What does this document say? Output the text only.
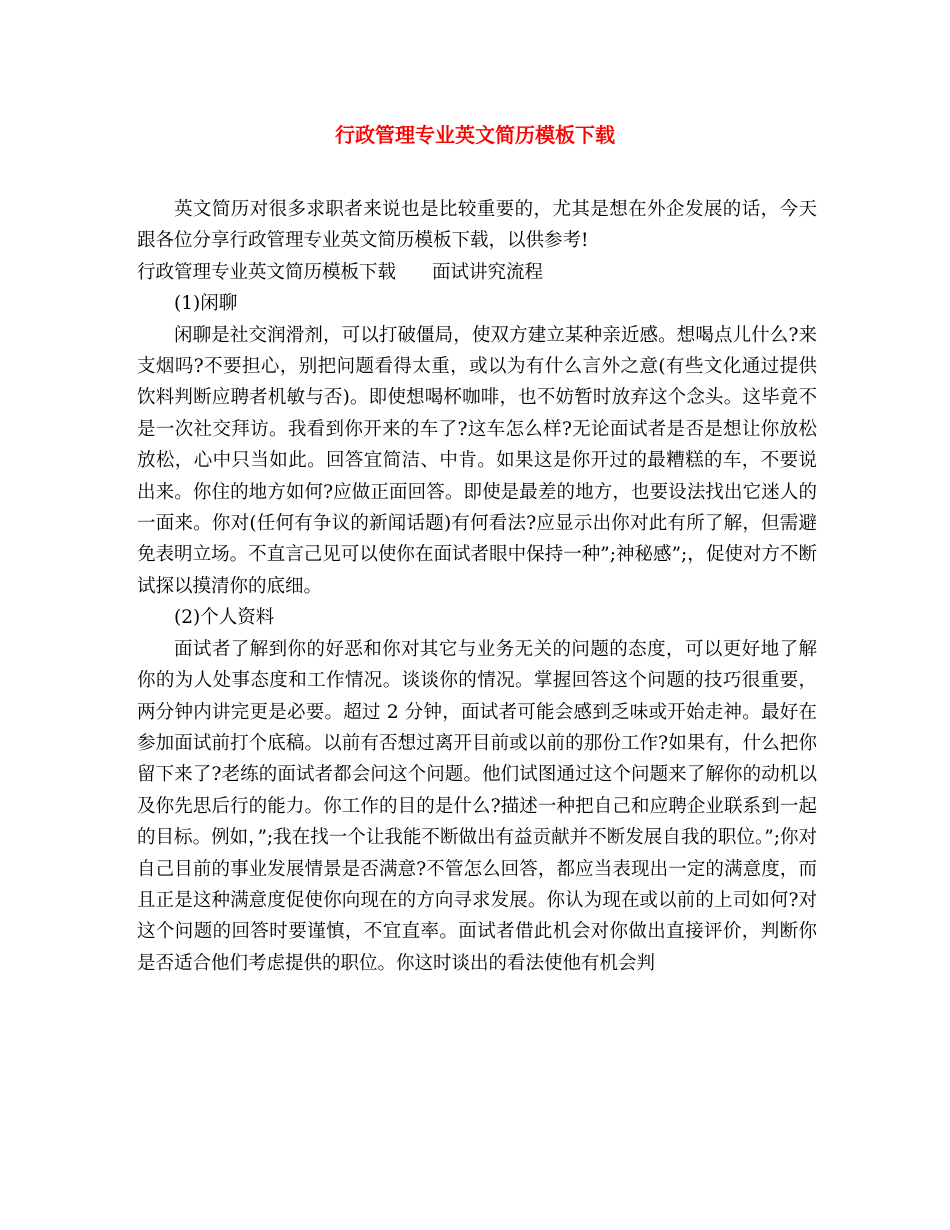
行政管理专业英文简历模板下载

英文简历对很多求职者来说也是比较重要的，尤其是想在外企发展的话，今天跟各位分享行政管理专业英文简历模板下载，以供参考!

行政管理专业英文简历模板下载 面试讲究流程

(1)闲聊

闲聊是社交润滑剂，可以打破僵局，使双方建立某种亲近感。想喝点儿什么?来支烟吗?不要担心，别把问题看得太重，或以为有什么言外之意(有些文化通过提供饮料判断应聘者机敏与否)。即使想喝杯咖啡，也不妨暂时放弃这个念头。这毕竟不是一次社交拜访。我看到你开来的车了?这车怎么样?无论面试者是否是想让你放松放松，心中只当如此。回答宜简洁、中肯。如果这是你开过的最糟糕的车，不要说出来。你住的地方如何?应做正面回答。即使是最差的地方，也要设法找出它迷人的一面来。你对(任何有争议的新闻话题)有何看法?应显示出你对此有所了解，但需避免表明立场。不直言己见可以使你在面试者眼中保持一种”;神秘感”;，促使对方不断试探以摸清你的底细。

(2)个人资料

面试者了解到你的好恶和你对其它与业务无关的问题的态度，可以更好地了解你的为人处事态度和工作情况。谈谈你的情况。掌握回答这个问题的技巧很重要，两分钟内讲完更是必要。超过 2 分钟，面试者可能会感到乏味或开始走神。最好在参加面试前打个底稿。以前有否想过离开目前或以前的那份工作?如果有，什么把你留下来了?老练的面试者都会问这个问题。他们试图通过这个问题来了解你的动机以及你先思后行的能力。你工作的目的是什么?描述一种把自己和应聘企业联系到一起的目标。例如，”;我在找一个让我能不断做出有益贡献并不断发展自我的职位。”;你对自己目前的事业发展情景是否满意?不管怎么回答，都应当表现出一定的满意度，而且正是这种满意度促使你向现在的方向寻求发展。你认为现在或以前的上司如何?对这个问题的回答时要谨慎，不宜直率。面试者借此机会对你做出直接评价，判断你是否适合他们考虑提供的职位。你这时谈出的看法使他有机会判
